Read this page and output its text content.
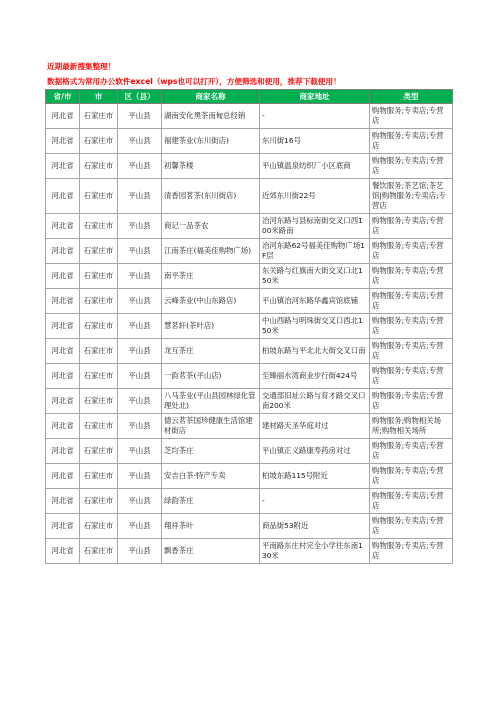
近期最新搜集整理！
数据格式为常用办公软件excel（wps也可以打开），方便筛选和使用，推荐下载使用！
省/市	市	区（县）	商家名称	商家地址	类型
河北省	石家庄市	平山县	湖南安化黑茶南甸总经销	-	购物服务;专卖店;专营店
河北省	石家庄市	平山县	福建茶业(东川街店)	东川街16号	购物服务;专卖店;专营店
河北省	石家庄市	平山县	初馨茶楼	平山镇温泉纺织厂小区底商	购物服务;专卖店;专营店
河北省	石家庄市	平山县	清香园茗茶(东川街店)	近郊东川街22号	餐饮服务;茶艺馆;茶艺馆|购物服务;专卖店;专营店
河北省	石家庄市	平山县	商记一品茶农	冶河东路与县标南街交叉口西100米路南	购物服务;专卖店;专营店
河北省	石家庄市	平山县	江南茶庄(福美佳购物广场)	冶河东路62号福美佳购物广场1F层	购物服务;专卖店;专营店
河北省	石家庄市	平山县	南平茶庄	东关路与红旗南大街交叉口北150米	购物服务;专卖店;专营店
河北省	石家庄市	平山县	云峰茶业(中山东路店)	平山镇冶河东路华鑫宾馆底铺	购物服务;专卖店;专营店
河北省	石家庄市	平山县	慧茗轩(茶叶店)	中山西路与明珠街交叉口西北150米	购物服务;专卖店;专营店
河北省	石家庄市	平山县	龙互茶庄	柏坡东路与平北北大街交叉口南	购物服务;专卖店;专营店
河北省	石家庄市	平山县	一韵茗茶(平山店)	至臻丽水湾商业步行街424号	购物服务;专卖店;专营店
河北省	石家庄市	平山县	八马茶业(平山县园林绿化管理处北)	交通部旧址公路与育才路交叉口南200米	购物服务;专卖店;专营店
河北省	石家庄市	平山县	德云茗茶国珍健康生活馆建材街店	建材路天圣华庭对过	购物服务;购物相关场所;购物相关场所
河北省	石家庄市	平山县	芝均茶庄	平山镇正义路康寿药房对过	购物服务;专卖店;专营店
河北省	石家庄市	平山县	安吉白茶·特产专卖	柏坡东路115号附近	购物服务;专卖店;专营店
河北省	石家庄市	平山县	绿韵茶庄	-	购物服务;专卖店;专营店
河北省	石家庄市	平山县	翔祥茶叶	商品街53附近	购物服务;专卖店;专营店
河北省	石家庄市	平山县	飘香茶庄	平南路东庄村完全小学往东南130米	购物服务;专卖店;专营店
